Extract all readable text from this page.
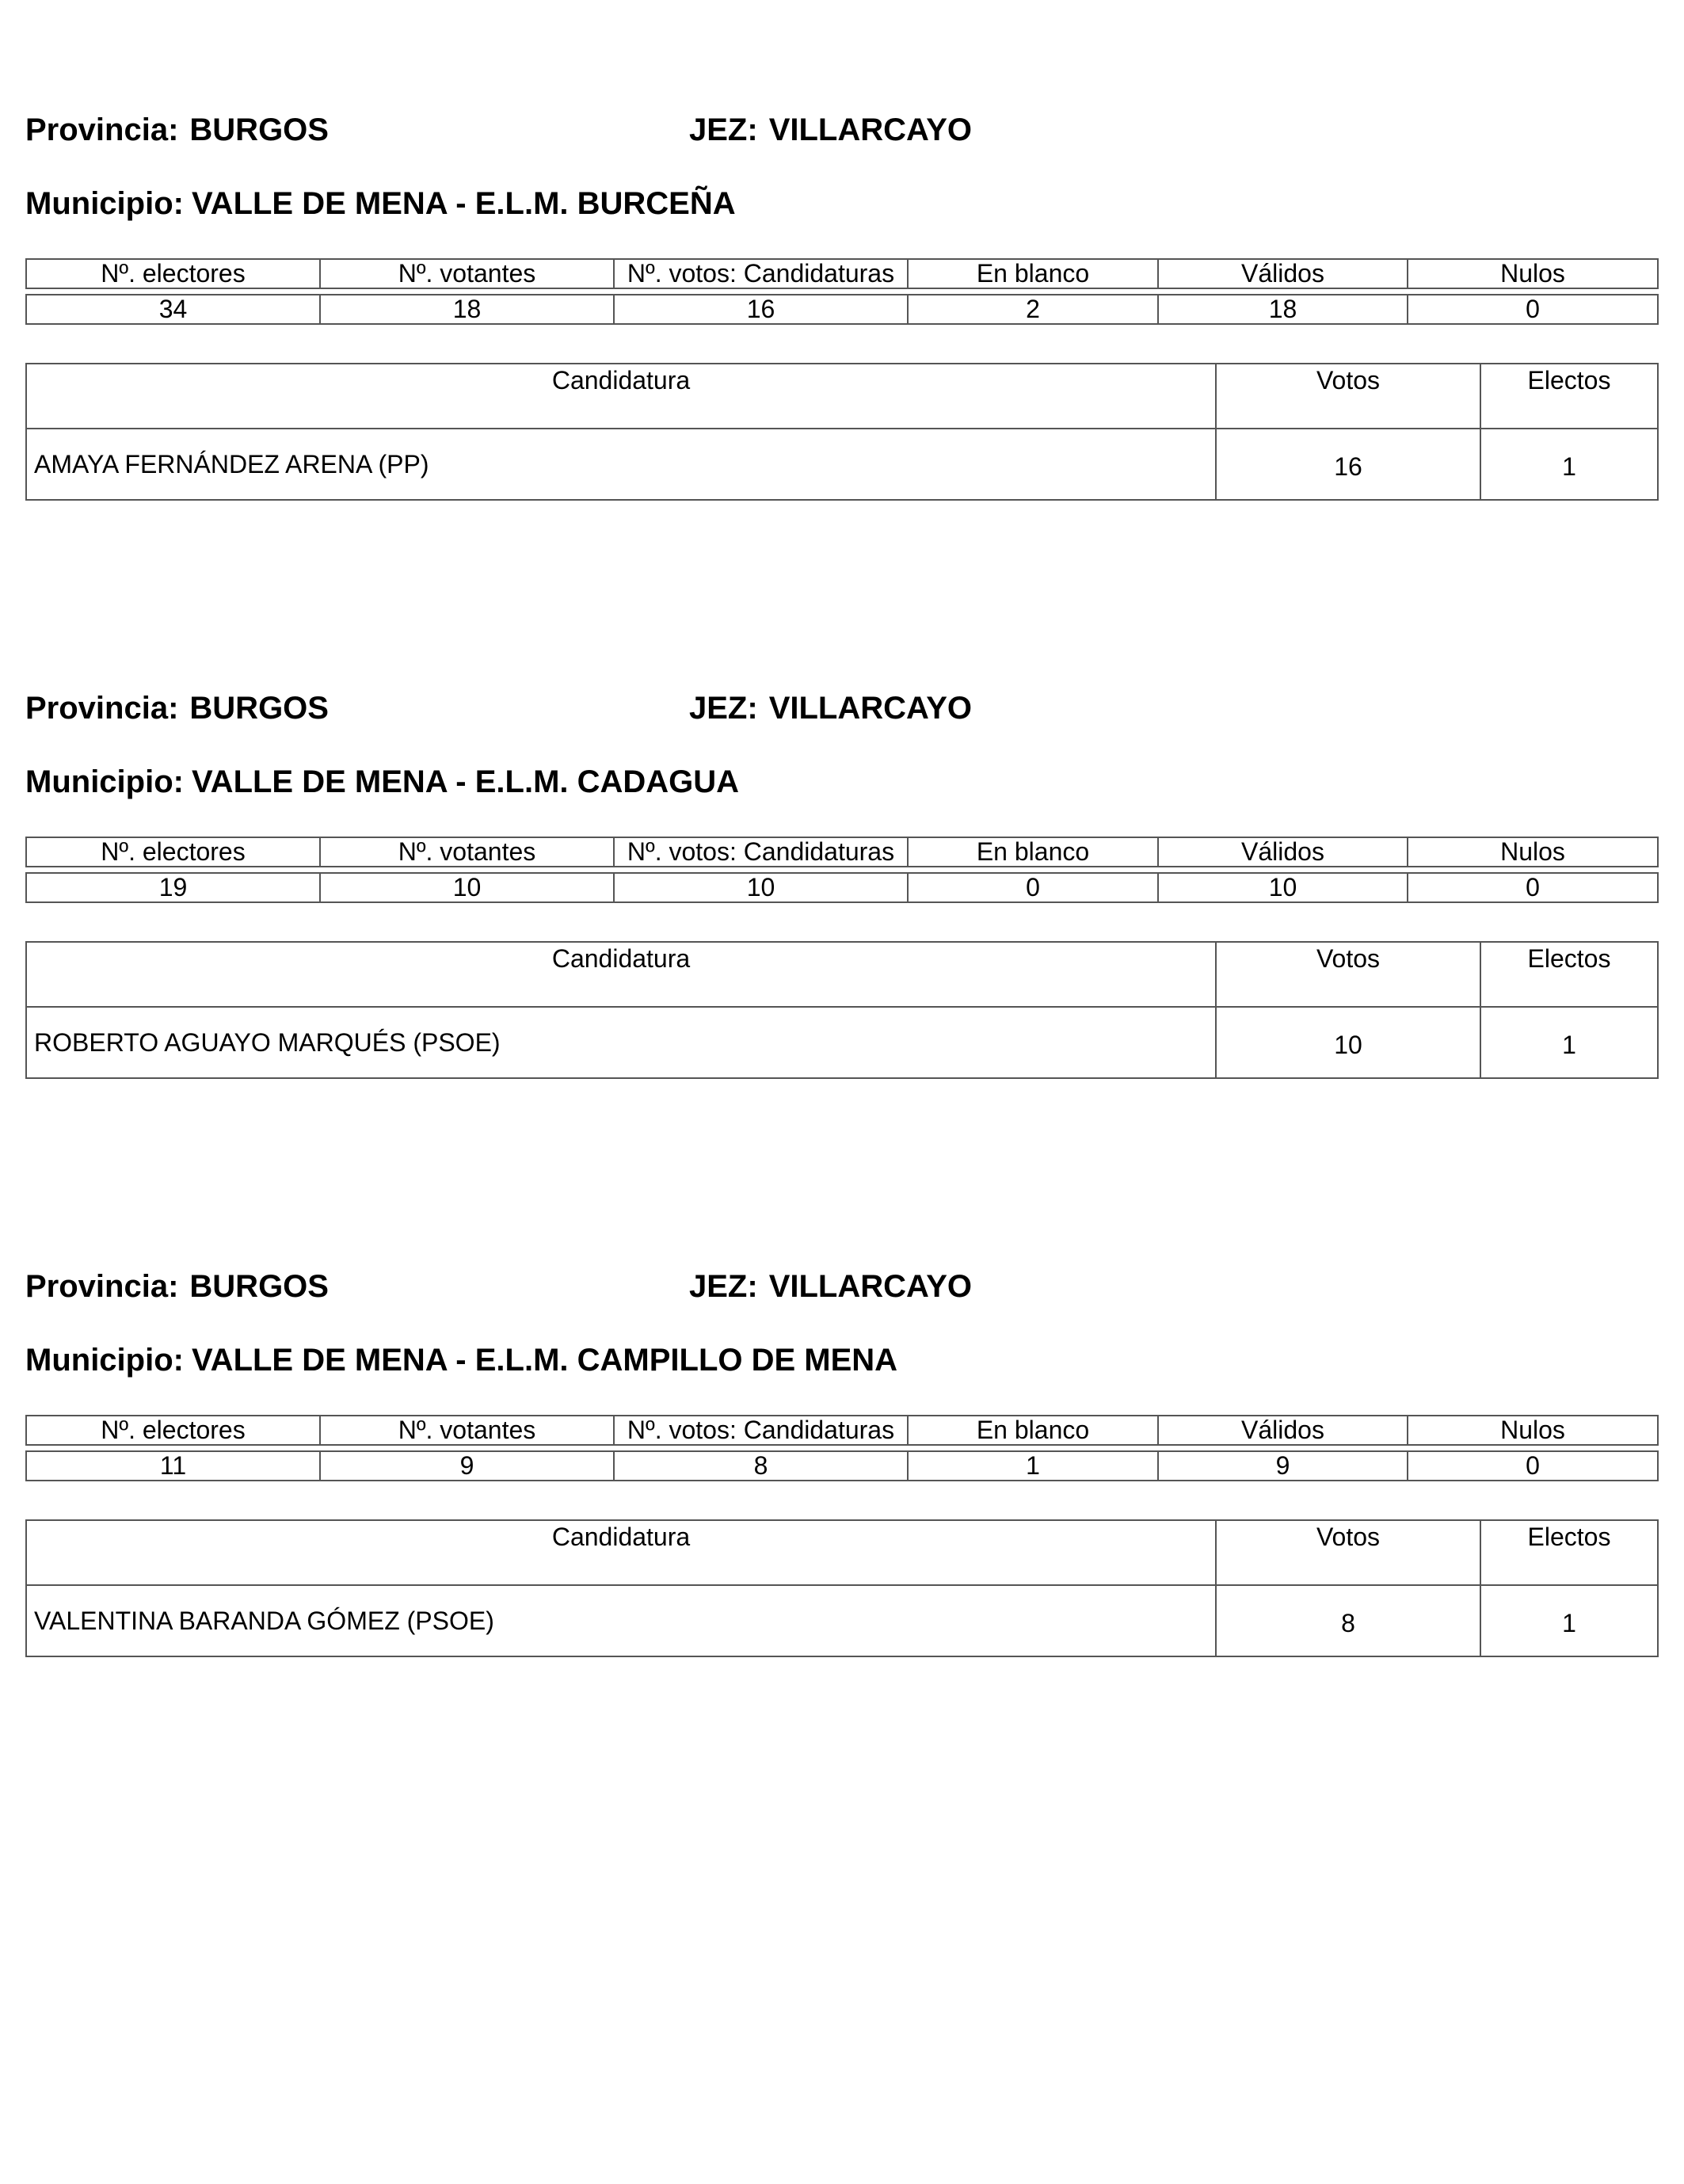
Provincia: BURGOS	JEZ: VILLARCAYO
Municipio: VALLE DE MENA - E.L.M. BURCEÑA
Nº. electores	Nº. votantes	Nº. votos: Candidaturas	En blanco	Válidos	Nulos

34	18	16	2	18	0
Candidatura	Votos	Electos
AMAYA FERNÁNDEZ ARENA (PP)	16	1
Provincia: BURGOS	JEZ: VILLARCAYO
Municipio: VALLE DE MENA - E.L.M. CADAGUA
Nº. electores	Nº. votantes	Nº. votos: Candidaturas	En blanco	Válidos	Nulos

19	10	10	0	10	0
Candidatura	Votos	Electos
ROBERTO AGUAYO MARQUÉS (PSOE)	10	1
Provincia: BURGOS	JEZ: VILLARCAYO
Municipio: VALLE DE MENA - E.L.M. CAMPILLO DE MENA
Nº. electores	Nº. votantes	Nº. votos: Candidaturas	En blanco	Válidos	Nulos

11	9	8	1	9	0
Candidatura	Votos	Electos
VALENTINA BARANDA GÓMEZ (PSOE)	8	1
